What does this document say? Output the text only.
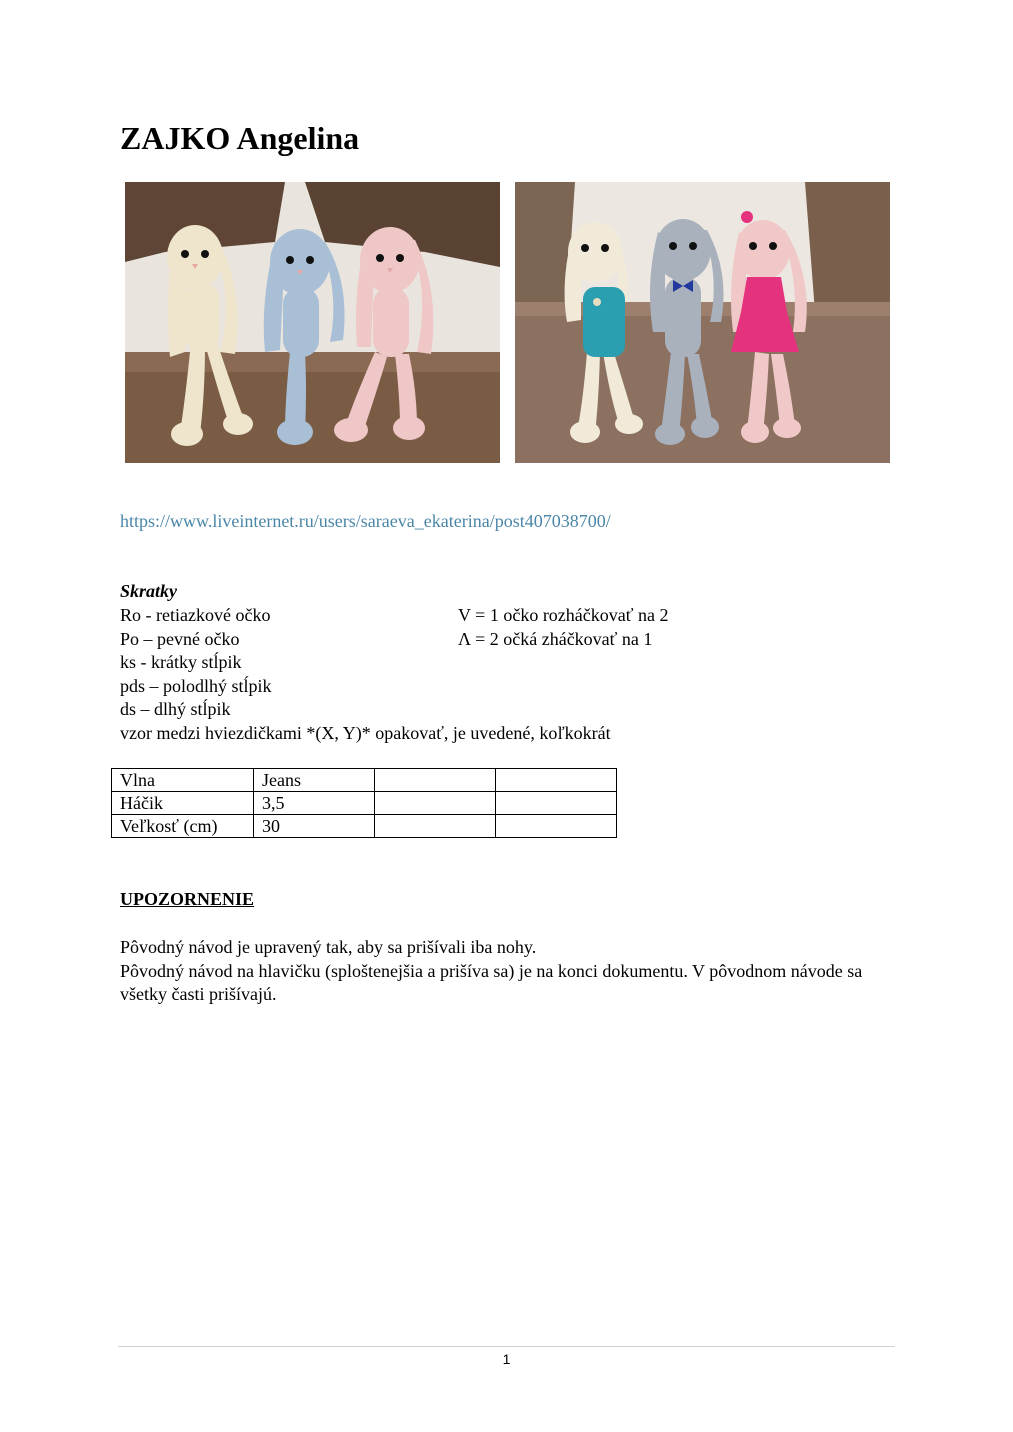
ZAJKO Angelina
https://www.liveinternet.ru/users/saraeva_ekaterina/post407038700/
Skratky
Ro - retiazkové očko
Po – pevné očko
ks - krátky stĺpik
pds – polodlhý stĺpik
ds – dlhý stĺpik
vzor medzi hviezdičkami *(X, Y)* opakovať, je uvedené, koľkokrát
V = 1 očko rozháčkovať na 2
Λ = 2 očká zháčkovať na 1
Vlna	Jeans		
Háčik	3,5		
Veľkosť (cm)	30		
UPOZORNENIE

Pôvodný návod je upravený tak, aby sa prišívali iba nohy.

Pôvodný návod na hlavičku (sploštenejšia a prišíva sa) je na konci dokumentu. V pôvodnom návode sa všetky časti prišívajú.

1
